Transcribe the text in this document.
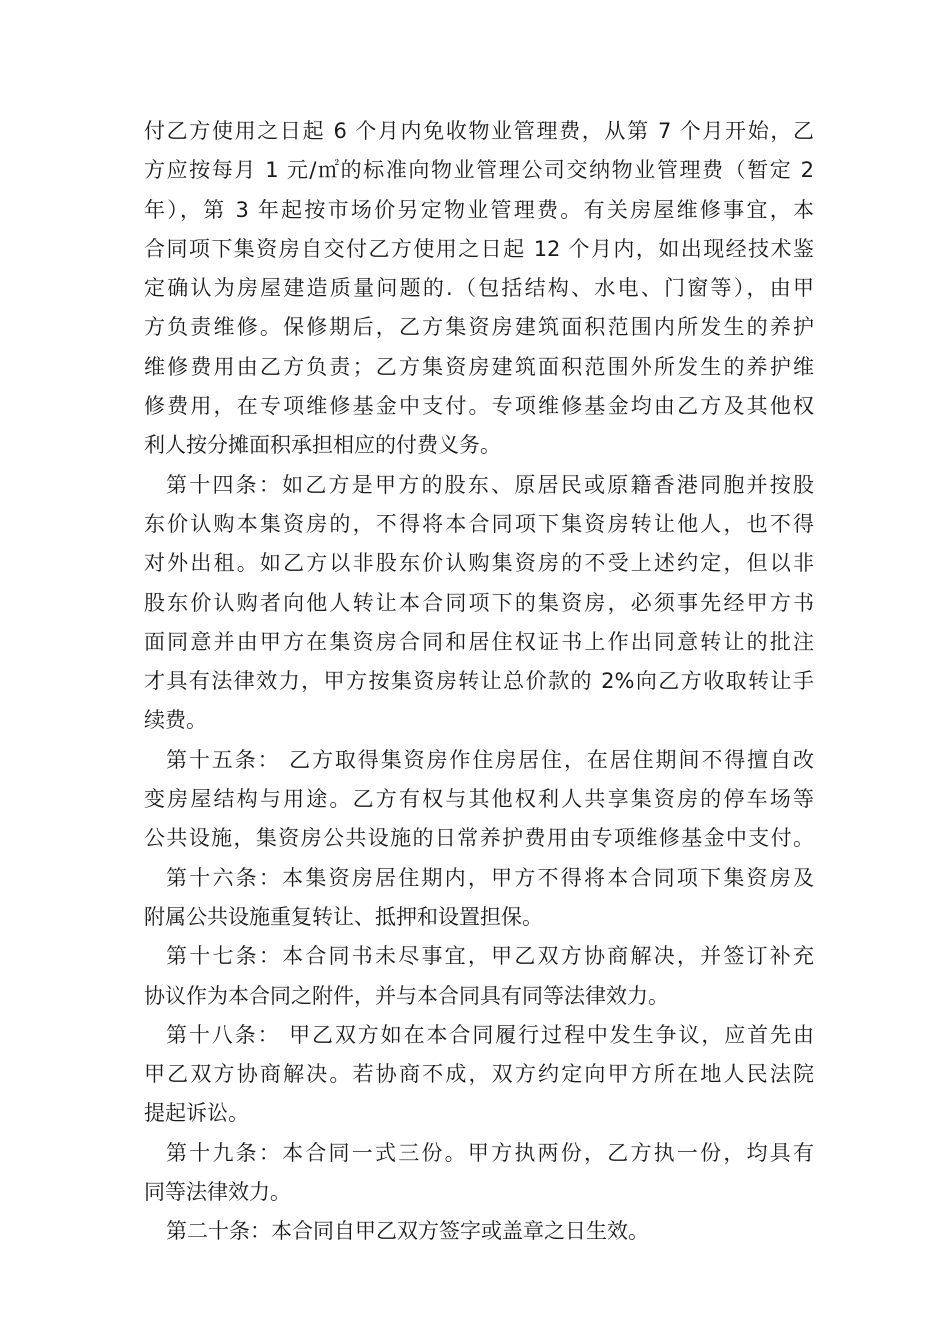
付乙方使用之日起 6 个月内免收物业管理费，从第 7 个月开始，乙
方应按每月 1 元/㎡的标准向物业管理公司交纳物业管理费（暂定 2
年），第 3 年起按市场价另定物业管理费。有关房屋维修事宜，本
合同项下集资房自交付乙方使用之日起 12 个月内，如出现经技术鉴
定确认为房屋建造质量问题的.（包括结构、水电、门窗等），由甲
方负责维修。保修期后，乙方集资房建筑面积范围内所发生的养护
维修费用由乙方负责；乙方集资房建筑面积范围外所发生的养护维
修费用，在专项维修基金中支付。专项维修基金均由乙方及其他权
利人按分摊面积承担相应的付费义务。
第十四条：如乙方是甲方的股东、原居民或原籍香港同胞并按股
东价认购本集资房的，不得将本合同项下集资房转让他人，也不得
对外出租。如乙方以非股东价认购集资房的不受上述约定，但以非
股东价认购者向他人转让本合同项下的集资房，必须事先经甲方书
面同意并由甲方在集资房合同和居住权证书上作出同意转让的批注
才具有法律效力，甲方按集资房转让总价款的 2%向乙方收取转让手
续费。
第十五条： 乙方取得集资房作住房居住，在居住期间不得擅自改
变房屋结构与用途。乙方有权与其他权利人共享集资房的停车场等
公共设施，集资房公共设施的日常养护费用由专项维修基金中支付。
第十六条：本集资房居住期内，甲方不得将本合同项下集资房及
附属公共设施重复转让、抵押和设置担保。
第十七条：本合同书未尽事宜，甲乙双方协商解决，并签订补充
协议作为本合同之附件，并与本合同具有同等法律效力。
第十八条： 甲乙双方如在本合同履行过程中发生争议，应首先由
甲乙双方协商解决。若协商不成，双方约定向甲方所在地人民法院
提起诉讼。
第十九条：本合同一式三份。甲方执两份，乙方执一份，均具有
同等法律效力。
第二十条：本合同自甲乙双方签字或盖章之日生效。
